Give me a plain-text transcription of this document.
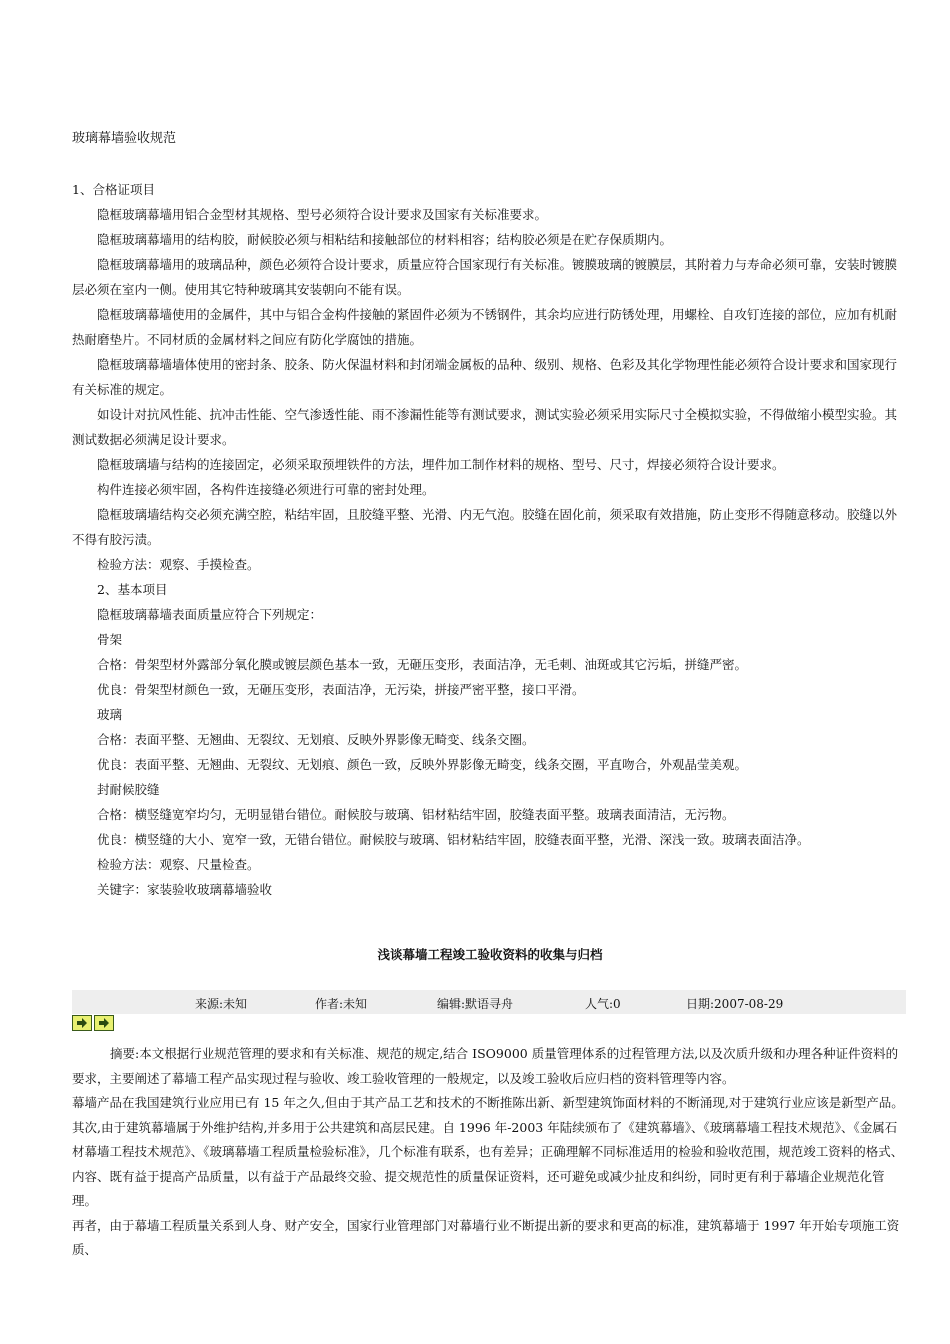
玻璃幕墙验收规范

1、合格证项目

隐框玻璃幕墙用铝合金型材其规格、型号必须符合设计要求及国家有关标准要求。

隐框玻璃幕墙用的结构胶，耐候胶必须与相粘结和接触部位的材料相容；结构胶必须是在贮存保质期内。

隐框玻璃幕墙用的玻璃品种，颜色必须符合设计要求，质量应符合国家现行有关标准。镀膜玻璃的镀膜层，其附着力与寿命必须可靠，安装时镀膜层必须在室内一侧。使用其它特种玻璃其安装朝向不能有误。

隐框玻璃幕墙使用的金属件，其中与铝合金构件接触的紧固件必须为不锈钢件，其余均应进行防锈处理，用螺栓、自攻钉连接的部位，应加有机耐热耐磨垫片。不同材质的金属材料之间应有防化学腐蚀的措施。

隐框玻璃幕墙墙体使用的密封条、胶条、防火保温材料和封闭端金属板的品种、级别、规格、色彩及其化学物理性能必须符合设计要求和国家现行有关标准的规定。

如设计对抗风性能、抗冲击性能、空气渗透性能、雨不渗漏性能等有测试要求，测试实验必须采用实际尺寸全模拟实验，不得做缩小模型实验。其测试数据必须满足设计要求。

隐框玻璃墙与结构的连接固定，必须采取预埋铁件的方法，埋件加工制作材料的规格、型号、尺寸，焊接必须符合设计要求。

构件连接必须牢固，各构件连接缝必须进行可靠的密封处理。

隐框玻璃墙结构交必须充满空腔，粘结牢固，且胶缝平整、光滑、内无气泡。胶缝在固化前，须采取有效措施，防止变形不得随意移动。胶缝以外不得有胶污渍。

检验方法：观察、手摸检查。

2、基本项目

隐框玻璃幕墙表面质量应符合下列规定：

骨架

合格：骨架型材外露部分氧化膜或镀层颜色基本一致，无砸压变形，表面洁净，无毛刺、油斑或其它污垢，拼缝严密。

优良：骨架型材颜色一致，无砸压变形，表面洁净，无污染，拼接严密平整，接口平滑。

玻璃

合格：表面平整、无翘曲、无裂纹、无划痕、反映外界影像无畸变、线条交圈。

优良：表面平整、无翘曲、无裂纹、无划痕、颜色一致，反映外界影像无畸变，线条交圈，平直吻合，外观晶莹美观。

封耐候胶缝

合格：横竖缝宽窄均匀，无明显错台错位。耐候胶与玻璃、铝材粘结牢固，胶缝表面平整。玻璃表面清洁，无污物。

优良：横竖缝的大小、宽窄一致，无错台错位。耐候胶与玻璃、铝材粘结牢固，胶缝表面平整，光滑、深浅一致。玻璃表面洁净。

检验方法：观察、尺量检查。

关键字：家装验收玻璃幕墙验收

浅谈幕墙工程竣工验收资料的收集与归档
来源:未知	作者:未知	编辑:默语寻舟	人气:0	日期:2007-08-29

摘要:本文根据行业规范管理的要求和有关标准、规范的规定,结合 ISO9000 质量管理体系的过程管理方法,以及次质升级和办理各种证件资料的要求，主要阐述了幕墙工程产品实现过程与验收、竣工验收管理的一般规定，以及竣工验收后应归档的资料管理等内容。

幕墙产品在我国建筑行业应用已有 15 年之久,但由于其产品工艺和技术的不断推陈出新、新型建筑饰面材料的不断涌现,对于建筑行业应该是新型产品。其次,由于建筑幕墙属于外维护结构,并多用于公共建筑和高层民建。自 1996 年-2003 年陆续颁布了《建筑幕墙》、《玻璃幕墙工程技术规范》、《金属石材幕墙工程技术规范》、《玻璃幕墙工程质量检验标准》，几个标准有联系，也有差异；正确理解不同标准适用的检验和验收范围，规范竣工资料的格式、内容、既有益于提高产品质量，以有益于产品最终交验、提交规范性的质量保证资料，还可避免或减少扯皮和纠纷，同时更有利于幕墙企业规范化管理。

再者，由于幕墙工程质量关系到人身、财产安全，国家行业管理部门对幕墙行业不断提出新的要求和更高的标准，建筑幕墙于 1997 年开始专项施工资质、
